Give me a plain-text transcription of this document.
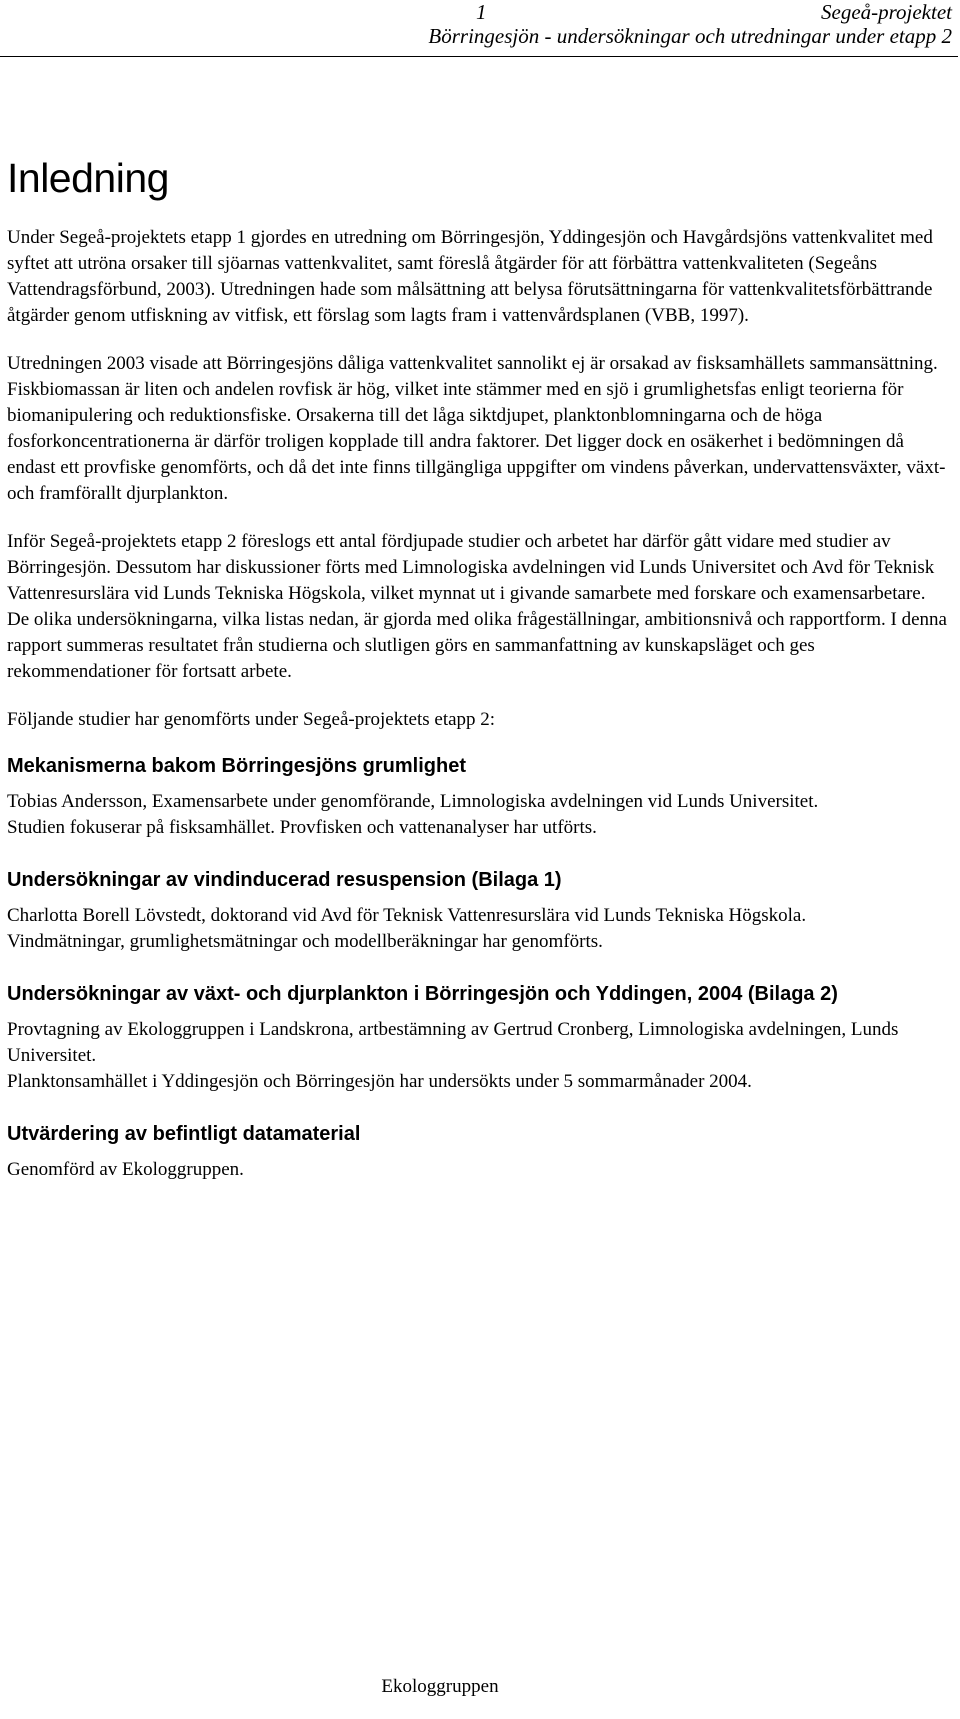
1	Segeå-projektet
Börringesjön - undersökningar och utredningar under etapp 2
Inledning

Under Segeå-projektets etapp 1 gjordes en utredning om Börringesjön, Yddingesjön och Havgårdsjöns vattenkvalitet med syftet att utröna orsaker till sjöarnas vattenkvalitet, samt föreslå åtgärder för att förbättra vattenkvaliteten (Segeåns Vattendragsförbund, 2003). Utredningen hade som målsättning att belysa förutsättningarna för vattenkvalitetsförbättrande åtgärder genom utfiskning av vitfisk, ett förslag som lagts fram i vattenvårdsplanen (VBB, 1997).

Utredningen 2003 visade att Börringesjöns dåliga vattenkvalitet sannolikt ej är orsakad av fisksamhällets sammansättning. Fiskbiomassan är liten och andelen rovfisk är hög, vilket inte stämmer med en sjö i grumlighetsfas enligt teorierna för biomanipulering och reduktionsfiske. Orsakerna till det låga siktdjupet, planktonblomningarna och de höga fosforkoncentrationerna är därför troligen kopplade till andra faktorer. Det ligger dock en osäkerhet i bedömningen då endast ett provfiske genomförts, och då det inte finns tillgängliga uppgifter om vindens påverkan, undervattensväxter, växt- och framförallt djurplankton.

Inför Segeå-projektets etapp 2 föreslogs ett antal fördjupade studier och arbetet har därför gått vidare med studier av Börringesjön. Dessutom har diskussioner förts med Limnologiska avdelningen vid Lunds Universitet och Avd för Teknisk Vattenresurslära vid Lunds Tekniska Högskola, vilket mynnat ut i givande samarbete med forskare och examensarbetare. De olika undersökningarna, vilka listas nedan, är gjorda med olika frågeställningar, ambitionsnivå och rapportform. I denna rapport summeras resultatet från studierna och slutligen görs en sammanfattning av kunskapsläget och ges rekommendationer för fortsatt arbete.

Följande studier har genomförts under Segeå-projektets etapp 2:

Mekanismerna bakom Börringesjöns grumlighet

Tobias Andersson, Examensarbete under genomförande, Limnologiska avdelningen vid Lunds Universitet.

Studien fokuserar på fisksamhället. Provfisken och vattenanalyser har utförts.

Undersökningar av vindinducerad resuspension (Bilaga 1)

Charlotta Borell Lövstedt, doktorand vid Avd för Teknisk Vattenresurslära vid Lunds Tekniska Högskola.

Vindmätningar, grumlighetsmätningar och modellberäkningar har genomförts.

Undersökningar av växt- och djurplankton i Börringesjön och Yddingen, 2004 (Bilaga 2)

Provtagning av Ekologgruppen i Landskrona, artbestämning av Gertrud Cronberg, Limnologiska avdelningen, Lunds Universitet.

Planktonsamhället i Yddingesjön och Börringesjön har undersökts under 5 sommarmånader 2004.

Utvärdering av befintligt datamaterial

Genomförd av Ekologgruppen.

Ekologgruppen
